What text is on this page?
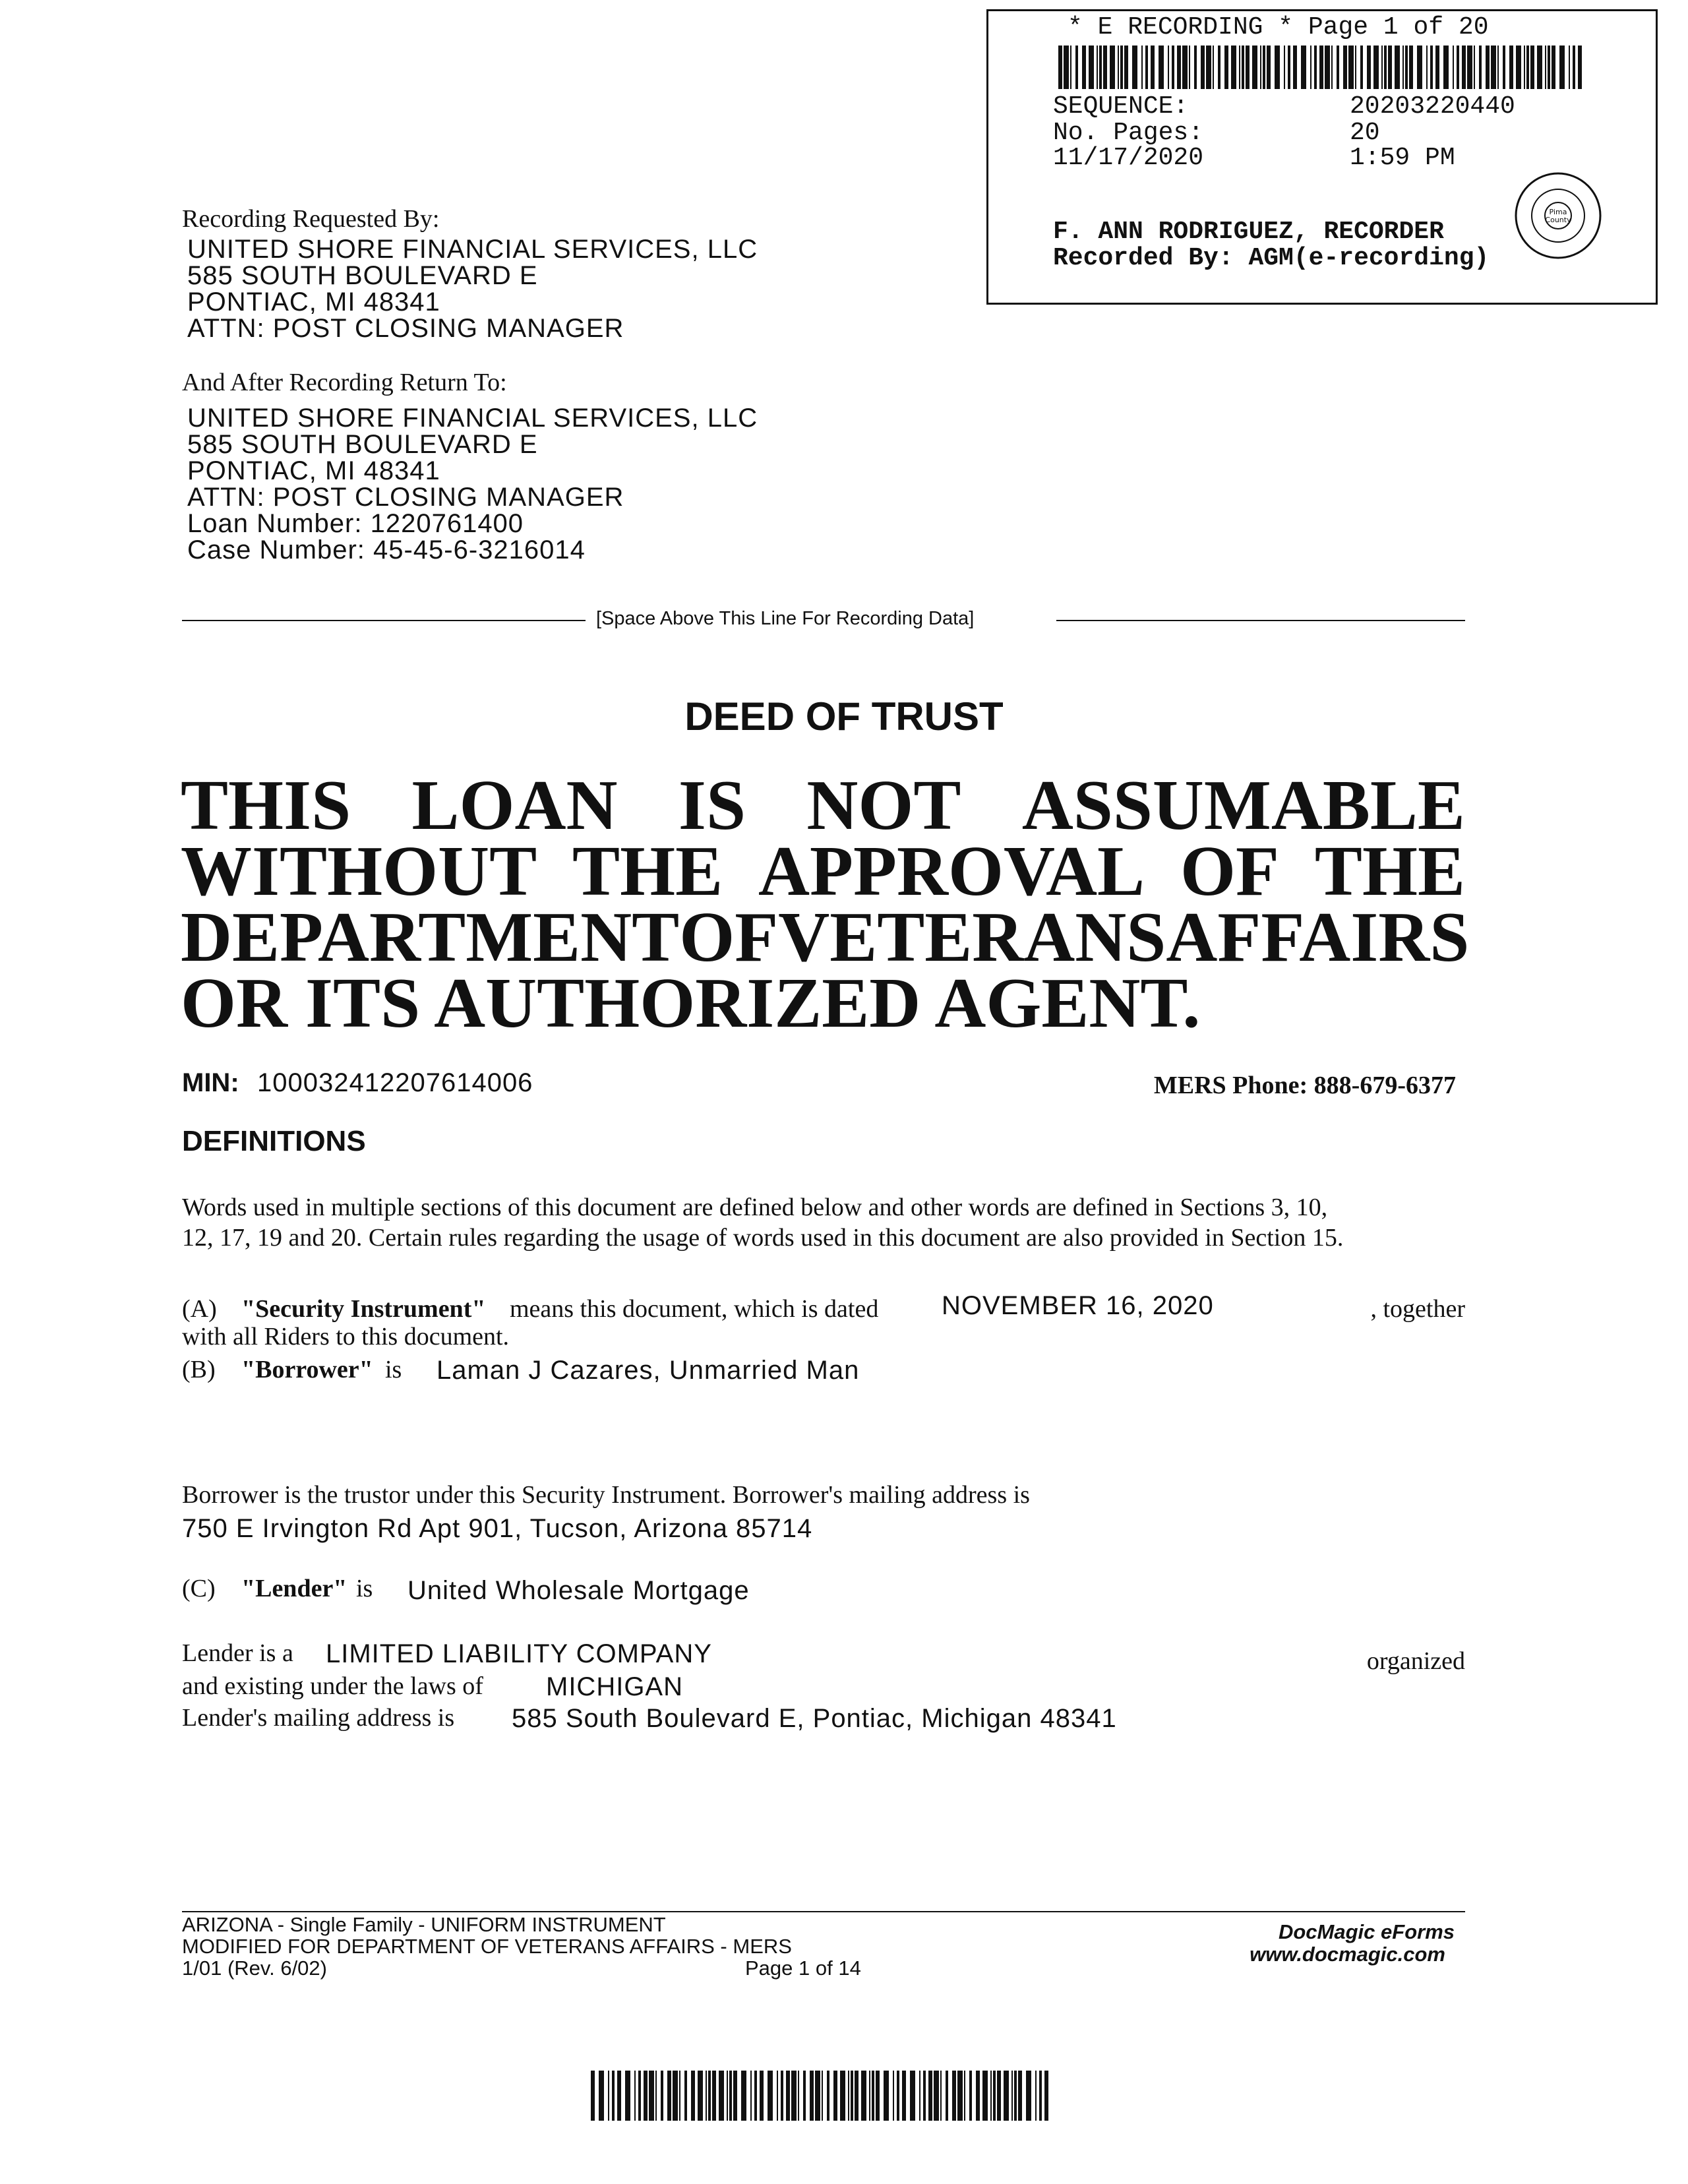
* E RECORDING * Page 1 of 20
SEQUENCE:	20203220440
No. Pages:	20
11/17/2020	1:59 PM
F. ANN RODRIGUEZ, RECORDER
Recorded By: AGM(e-recording)
Pima
County
Recording Requested By:
UNITED SHORE FINANCIAL SERVICES, LLC
585 SOUTH BOULEVARD E
PONTIAC, MI 48341
ATTN: POST CLOSING MANAGER
And After Recording Return To:
UNITED SHORE FINANCIAL SERVICES, LLC
585 SOUTH BOULEVARD E
PONTIAC, MI 48341
ATTN: POST CLOSING MANAGER
Loan Number: 1220761400
Case Number: 45-45-6-3216014
[Space Above This Line For Recording Data]
DEED OF TRUST
THIS LOAN IS NOT ASSUMABLE
WITHOUT THE APPROVAL OF THE
DEPARTMENT OF VETERANS AFFAIRS
OR ITS AUTHORIZED AGENT.
MIN: 100032412207614006	MERS Phone: 888-679-6377
DEFINITIONS
Words used in multiple sections of this document are defined below and other words are defined in Sections 3, 10,
12, 17, 19 and 20. Certain rules regarding the usage of words used in this document are also provided in Section 15.
(A) "Security Instrument" means this document, which is dated NOVEMBER 16, 2020	, together
with all Riders to this document.
(B) "Borrower" is Laman J Cazares, Unmarried Man
Borrower is the trustor under this Security Instrument. Borrower's mailing address is
750 E Irvington Rd Apt 901, Tucson, Arizona 85714
(C) "Lender" is United Wholesale Mortgage
Lender is a LIMITED LIABILITY COMPANY	organized
and existing under the laws of MICHIGAN
Lender's mailing address is 585 South Boulevard E, Pontiac, Michigan 48341
ARIZONA - Single Family - UNIFORM INSTRUMENT
MODIFIED FOR DEPARTMENT OF VETERANS AFFAIRS - MERS
1/01 (Rev. 6/02)	Page 1 of 14
DocMagic eForms
www.docmagic.com
